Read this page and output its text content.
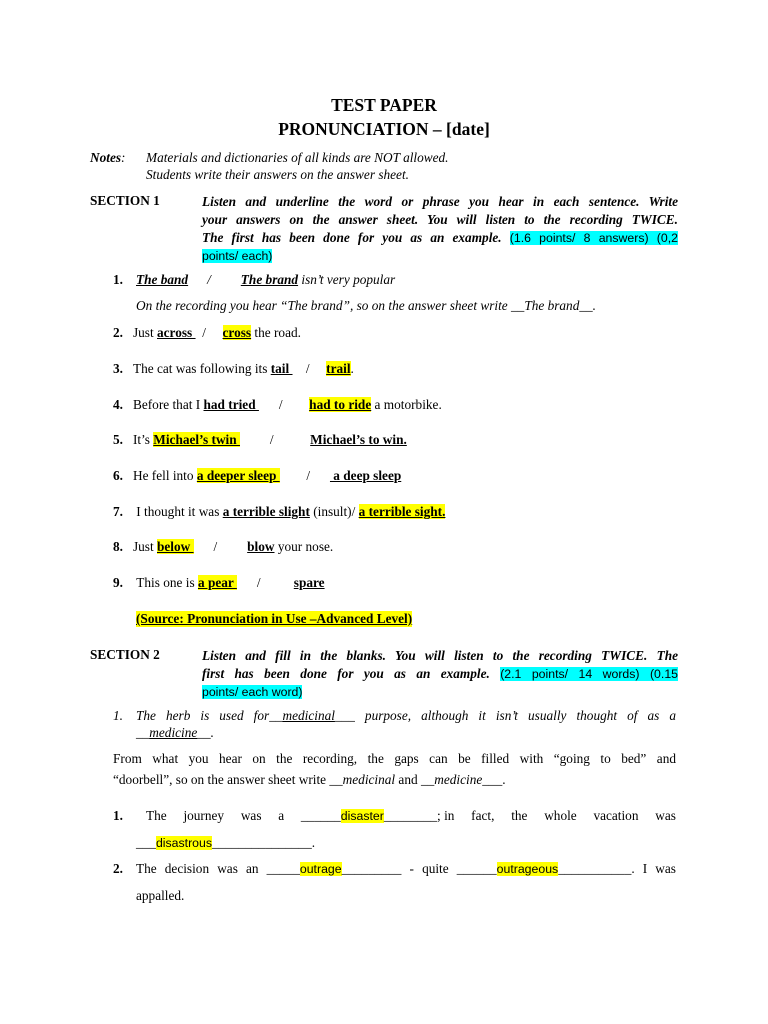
TEST PAPER
PRONUNCIATION – [date]
Notes: Materials and dictionaries of all kinds are NOT allowed.
Students write their answers on the answer sheet.
SECTION 1	Listen and underline the word or phrase you hear in each sentence. Write
your answers on the answer sheet. You will listen to the recording TWICE.
The first has been done for you as an example. (1.6 points/ 8 answers) (0,2
points/ each)
1. The band / The brand isn’t very popular
On the recording you hear “The brand”, so on the answer sheet write __The brand__.
2. Just across   / cross the road.
3. The cat was following its tail     / trail.
4. Before that I had tried       / had to ride a motorbike.
5. It’s Michael’s twin          /	Michael’s to win.
6. He fell into a deeper sleep         /       a deep sleep
7. I thought it was a terrible slight (insult)/ a terrible sight.
8. Just below       / blow your nose.
9. This one is a pear       /	spare
(Source: Pronunciation in Use –Advanced Level)
SECTION 2	Listen and fill in the blanks. You will listen to the recording TWICE. The
first has been done for you as an example. (2.1 points/ 14 words) (0.15
points/ each word)
1. The herb is used for__medicinal___ purpose, although it isn’t usually thought of as a
__medicine__.
From what you hear on the recording, the gaps can be filled with “going to bed” and
“doorbell”, so on the answer sheet write __medicinal and __medicine___.
1. The journey was a ______disaster________; in fact, the whole vacation was
___disastrous_______________.
2. The decision was an _____outrage_________ - quite ______outrageous___________. I was
appalled.
